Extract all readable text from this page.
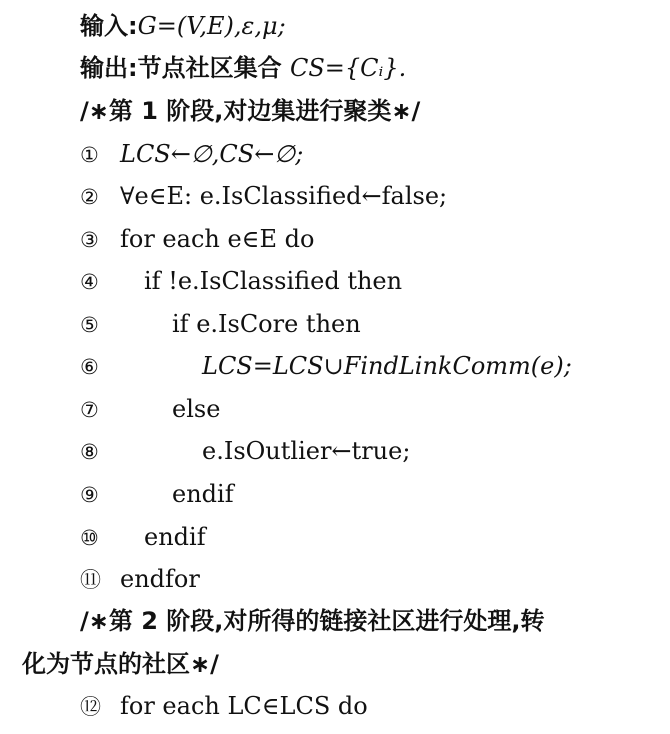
输入:G=(V,E),ε,μ;
输出:节点社区集合 CS={Cᵢ}.
/∗第 1 阶段,对边集进行聚类∗/
① LCS←∅,CS←∅;
② ∀e∈E: e.IsClassified←false;
③ for each e∈E do
④ if !e.IsClassified then
⑤	if e.IsCore then
⑥	LCS=LCS∪FindLinkComm(e);
⑦	else
⑧	e.IsOutlier←true;
⑨	endif
⑩ endif
⑪ endfor
/∗第 2 阶段,对所得的链接社区进行处理,转
化为节点的社区∗/
⑫ for each LC∈LCS do
